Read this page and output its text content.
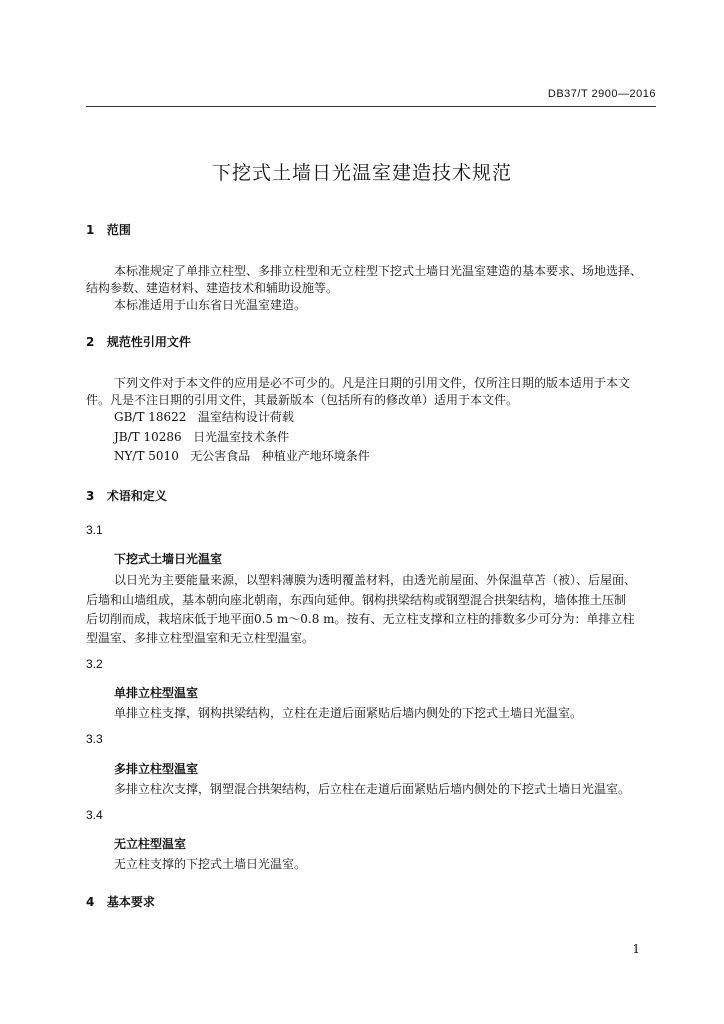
DB37/T 2900—2016
下挖式土墙日光温室建造技术规范
1   范围
本标准规定了单排立柱型、多排立柱型和无立柱型下挖式土墙日光温室建造的基本要求、场地选择、
结构参数、建造材料、建造技术和辅助设施等。
本标准适用于山东省日光温室建造。
2   规范性引用文件
下列文件对于本文件的应用是必不可少的。凡是注日期的引用文件，仅所注日期的版本适用于本文
件。凡是不注日期的引用文件，其最新版本（包括所有的修改单）适用于本文件。
GB/T 18622   温室结构设计荷载
JB/T 10286   日光温室技术条件
NY/T 5010   无公害食品   种植业产地环境条件
3   术语和定义
3.1
下挖式土墙日光温室
以日光为主要能量来源，以塑料薄膜为透明覆盖材料，由透光前屋面、外保温草苫（被）、后屋面、
后墙和山墙组成，基本朝向座北朝南，东西向延伸。钢构拱梁结构或钢塑混合拱架结构，墙体推土压制
后切削而成，栽培床低于地平面0.5 m～0.8 m。按有、无立柱支撑和立柱的排数多少可分为：单排立柱
型温室、多排立柱型温室和无立柱型温室。
3.2
单排立柱型温室
单排立柱支撑，钢构拱梁结构，立柱在走道后面紧贴后墙内侧处的下挖式土墙日光温室。
3.3
多排立柱型温室
多排立柱次支撑，钢塑混合拱架结构，后立柱在走道后面紧贴后墙内侧处的下挖式土墙日光温室。
3.4
无立柱型温室
无立柱支撑的下挖式土墙日光温室。
4   基本要求
1
